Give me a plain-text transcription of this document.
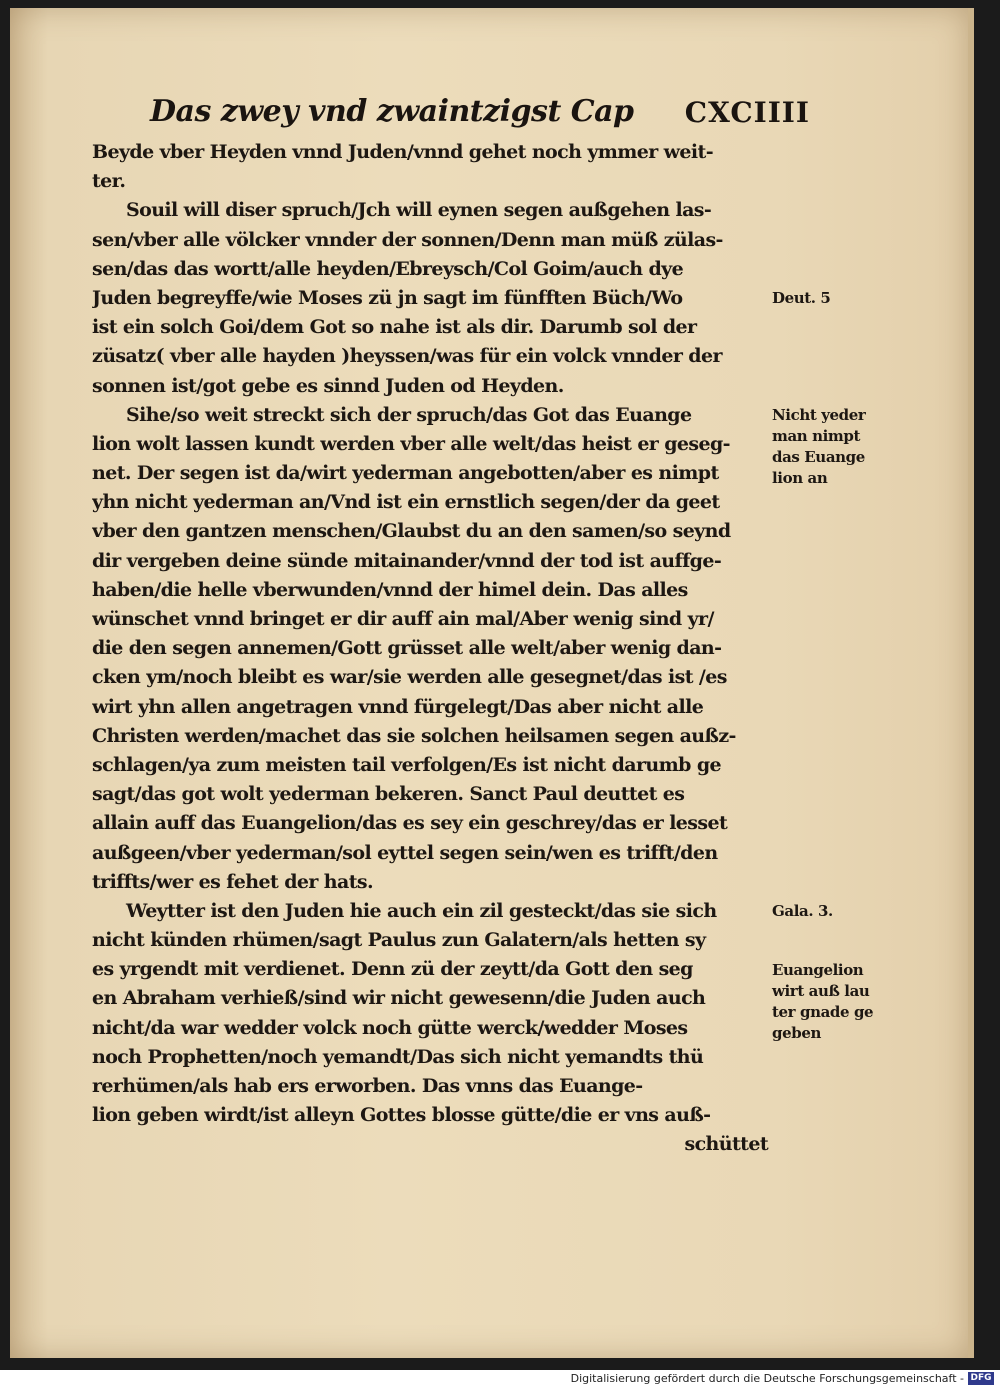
Das zwey vnd zwaintzigst Cap CXCIIII
Beyde vber Heyden vnnd Juden/vnnd gehet noch ymmer weit-
ter.
Souil will diser spruch/Jch will eynen segen außgehen las-
sen/vber alle völcker vnnder der sonnen/Denn man müß zülas-
sen/das das wortt/alle heyden/Ebreysch/Col Goim/auch dye
Juden begreyffe/wie Moses zü jn sagt im fünfften Büch/Wo
ist ein solch Goi/dem Got so nahe ist als dir. Darumb sol der
züsatz( vber alle hayden )heyssen/was für ein volck vnnder der
sonnen ist/got gebe es sinnd Juden od Heyden.
Sihe/so weit streckt sich der spruch/das Got das Euange
lion wolt lassen kundt werden vber alle welt/das heist er geseg-
net. Der segen ist da/wirt yederman angebotten/aber es nimpt
yhn nicht yederman an/Vnd ist ein ernstlich segen/der da geet
vber den gantzen menschen/Glaubst du an den samen/so seynd
dir vergeben deine sünde mitainander/vnnd der tod ist auffge-
haben/die helle vberwunden/vnnd der himel dein. Das alles
wünschet vnnd bringet er dir auff ain mal/Aber wenig sind yr/
die den segen annemen/Gott grüsset alle welt/aber wenig dan-
cken ym/noch bleibt es war/sie werden alle gesegnet/das ist /es
wirt yhn allen angetragen vnnd fürgelegt/Das aber nicht alle
Christen werden/machet das sie solchen heilsamen segen außz-
schlagen/ya zum meisten tail verfolgen/Es ist nicht darumb ge
sagt/das got wolt yederman bekeren. Sanct Paul deuttet es
allain auff das Euangelion/das es sey ein geschrey/das er lesset
außgeen/vber yederman/sol eyttel segen sein/wen es trifft/den
triffts/wer es fehet der hats.
Weytter ist den Juden hie auch ein zil gesteckt/das sie sich
nicht künden rhümen/sagt Paulus zun Galatern/als hetten sy
es yrgendt mit verdienet. Denn zü der zeytt/da Gott den seg
en Abraham verhieß/sind wir nicht gewesenn/die Juden auch
nicht/da war wedder volck noch gütte werck/wedder Moses
noch Prophetten/noch yemandt/Das sich nicht yemandts thü
rerhümen/als hab ers erworben. Das vnns das Euange-
lion geben wirdt/ist alleyn Gottes blosse gütte/die er vns auß-
schüttet
Deut. 5
Nicht yeder
man nimpt
das Euange
lion an
Gala. 3.
Euangelion
wirt auß lau
ter gnade ge
geben
Digitalisierung gefördert durch die Deutsche Forschungsgemeinschaft - DFG
